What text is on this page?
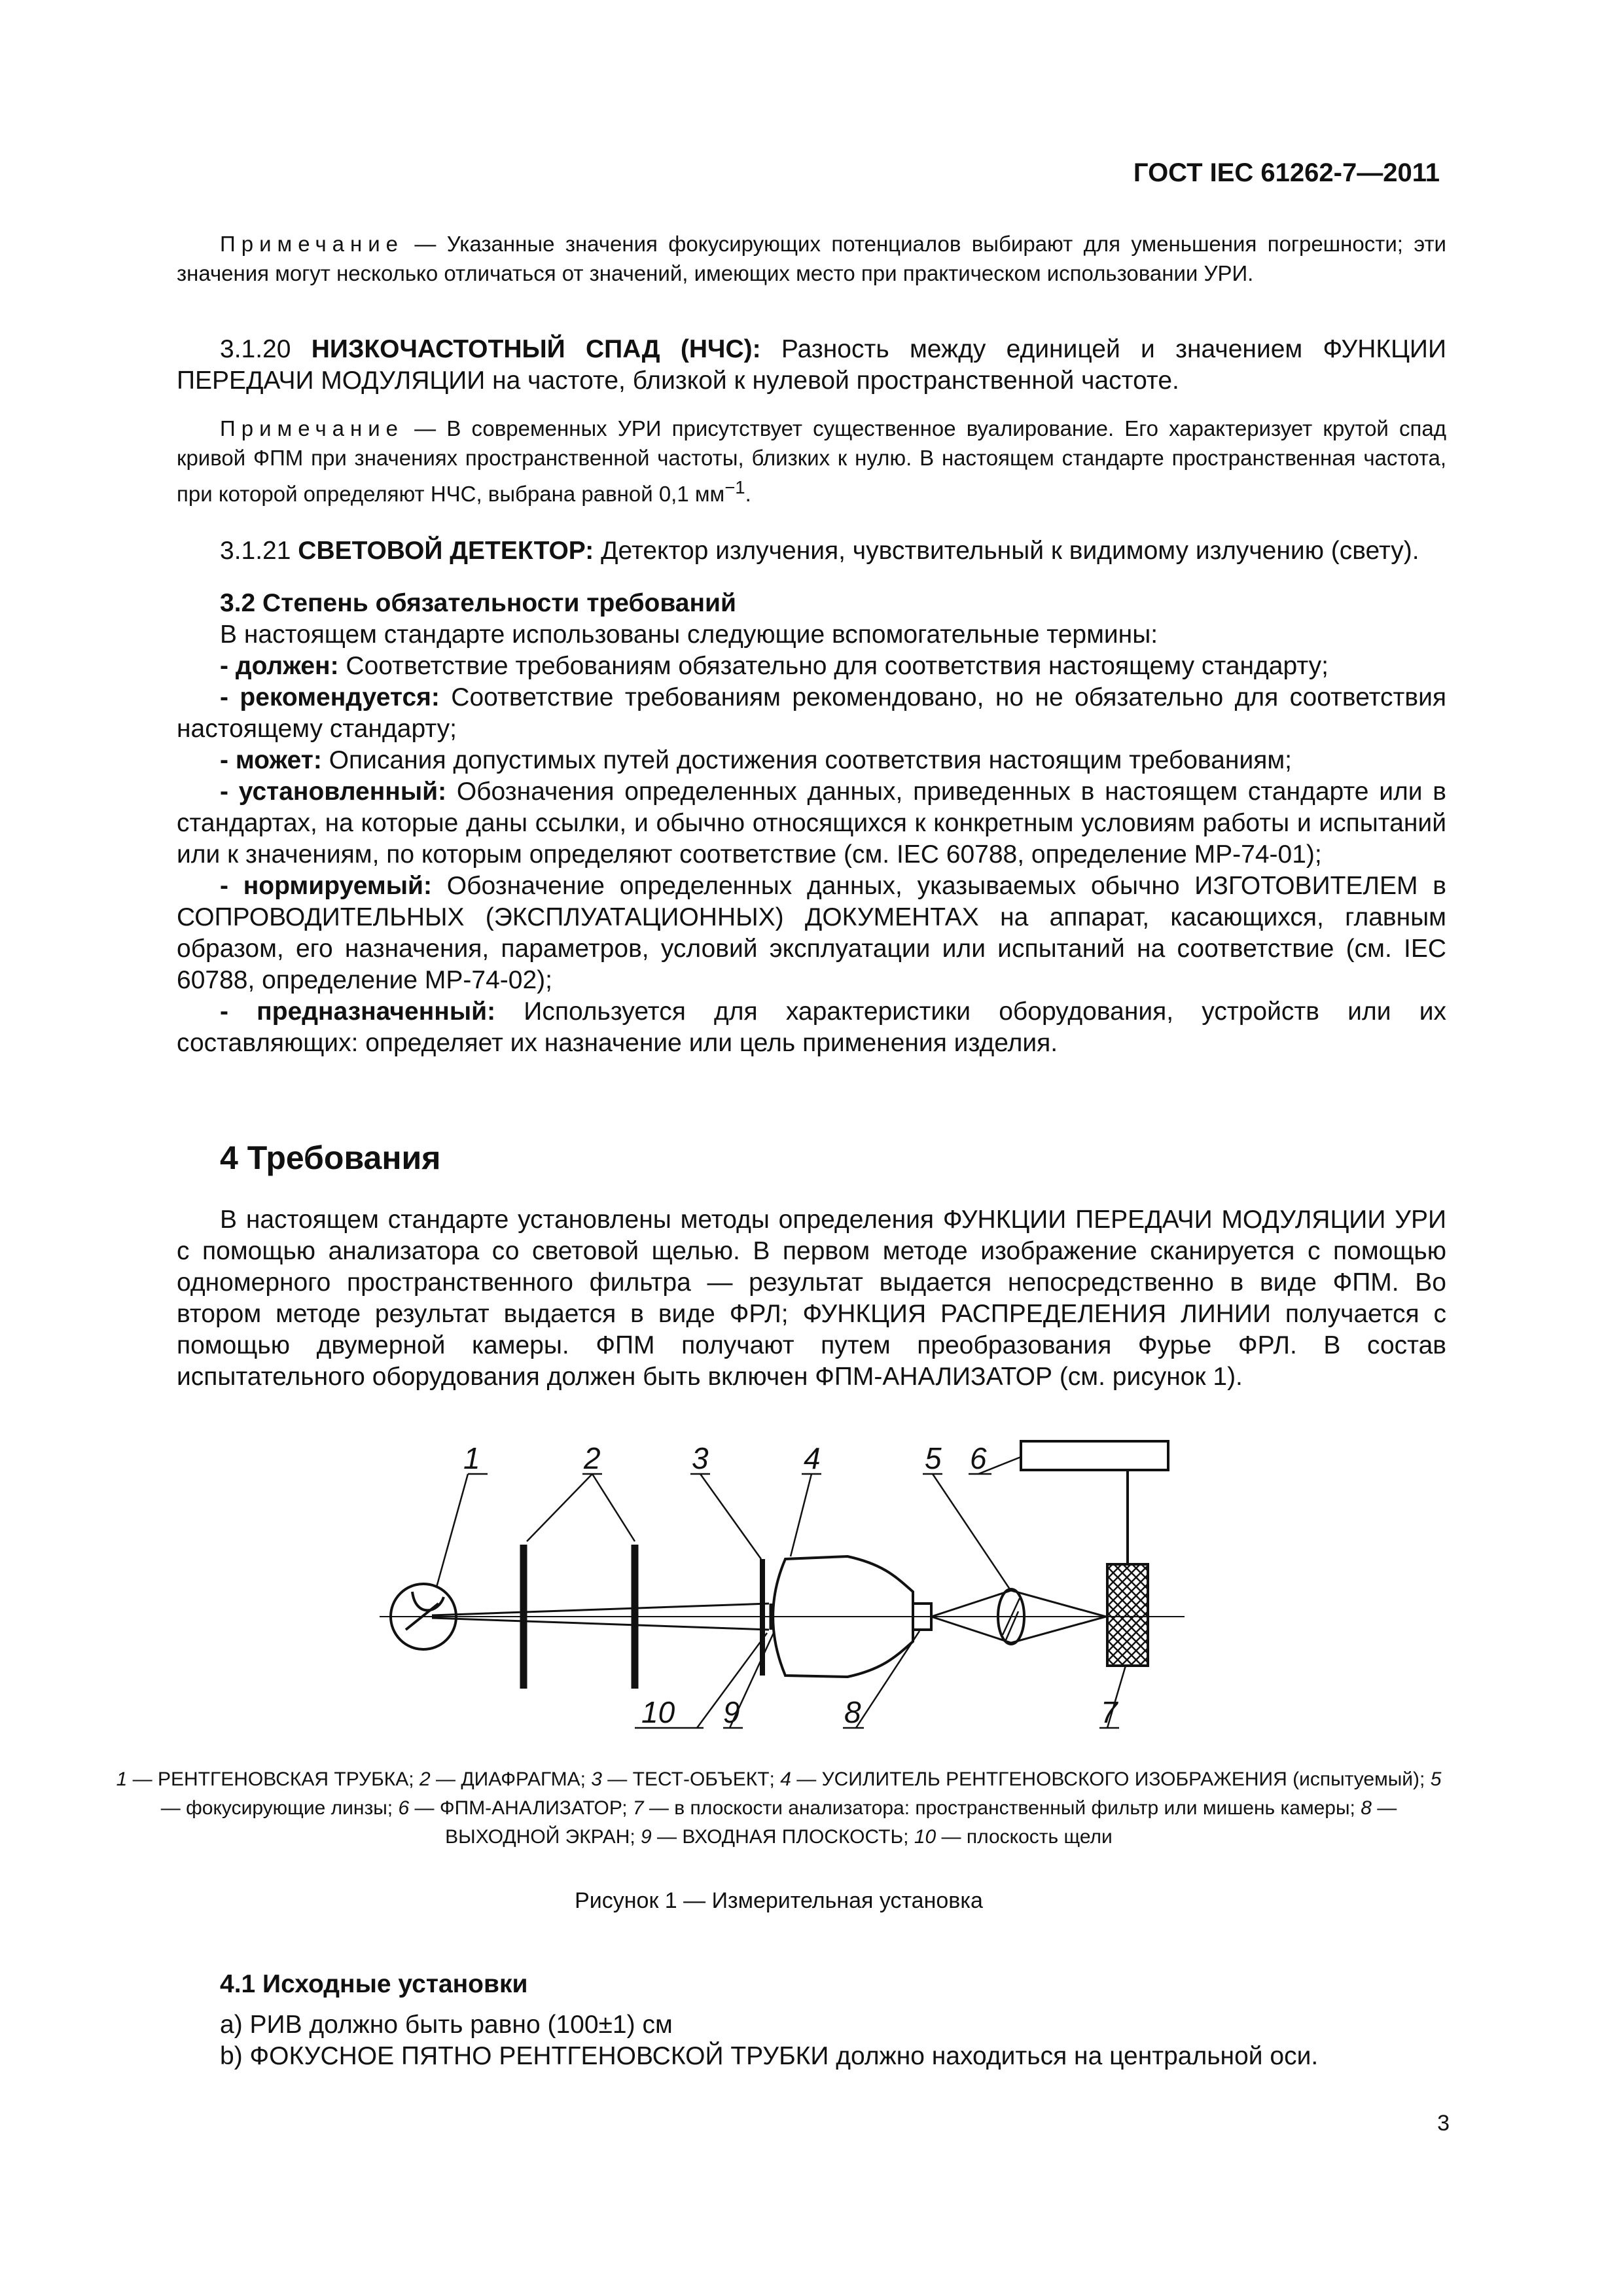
ГОСТ IEC 61262-7—2011

Примечание — Указанные значения фокусирующих потенциалов выбирают для уменьшения погрешности; эти значения могут несколько отличаться от значений, имеющих место при практическом использовании УРИ.

3.1.20 НИЗКОЧАСТОТНЫЙ СПАД (НЧС): Разность между единицей и значением ФУНКЦИИ ПЕРЕДАЧИ МОДУЛЯЦИИ на частоте, близкой к нулевой пространственной частоте.

Примечание — В современных УРИ присутствует существенное вуалирование. Его характеризует крутой спад кривой ФПМ при значениях пространственной частоты, близких к нулю. В настоящем стандарте пространственная частота, при которой определяют НЧС, выбрана равной 0,1 $мм^{-1}$.

3.1.21 СВЕТОВОЙ ДЕТЕКТОР: Детектор излучения, чувствительный к видимому излучению (свету).

3.2 Степень обязательности требований

В настоящем стандарте использованы следующие вспомогательные термины:

- должен: Соответствие требованиям обязательно для соответствия настоящему стандарту;

- рекомендуется: Соответствие требованиям рекомендовано, но не обязательно для соответствия настоящему стандарту;

- может: Описания допустимых путей достижения соответствия настоящим требованиям;

- установленный: Обозначения определенных данных, приведенных в настоящем стандарте или в стандартах, на которые даны ссылки, и обычно относящихся к конкретным условиям работы и испытаний или к значениям, по которым определяют соответствие (см. IEC 60788, определение МР-74-01);

- нормируемый: Обозначение определенных данных, указываемых обычно ИЗГОТОВИТЕЛЕМ в СОПРОВОДИТЕЛЬНЫХ (ЭКСПЛУАТАЦИОННЫХ) ДОКУМЕНТАХ на аппарат, касающихся, главным образом, его назначения, параметров, условий эксплуатации или испытаний на соответствие (см. IEC 60788, определение МР-74-02);

- предназначенный: Используется для характеристики оборудования, устройств или их составляющих: определяет их назначение или цель применения изделия.

4 Требования

В настоящем стандарте установлены методы определения ФУНКЦИИ ПЕРЕДАЧИ МОДУЛЯЦИИ УРИ с помощью анализатора со световой щелью. В первом методе изображение сканируется с помощью одномерного пространственного фильтра — результат выдается непосредственно в виде ФПМ. Во втором методе результат выдается в виде ФРЛ; ФУНКЦИЯ РАСПРЕДЕЛЕНИЯ ЛИНИИ получается с помощью двумерной камеры. ФПМ получают путем преобразования Фурье ФРЛ. В состав испытательного оборудования должен быть включен ФПМ-АНАЛИЗАТОР (см. рисунок 1).

1	2	3	4	5 6
7
8
9
10
1 — РЕНТГЕНОВСКАЯ ТРУБКА; 2 — ДИАФРАГМА; 3 — ТЕСТ-ОБЪЕКТ; 4 — УСИЛИТЕЛЬ РЕНТГЕНОВСКОГО ИЗОБРАЖЕНИЯ (испытуемый); 5 — фокусирующие линзы; 6 — ФПМ-АНАЛИЗАТОР; 7 — в плоскости анализатора: пространственный фильтр или мишень камеры; 8 — ВЫХОДНОЙ ЭКРАН; 9 — ВХОДНАЯ ПЛОСКОСТЬ; 10 — плоскость щели
Рисунок 1 — Измерительная установка

4.1 Исходные установки

а) РИВ должно быть равно (100±1) см

b) ФОКУСНОЕ ПЯТНО РЕНТГЕНОВСКОЙ ТРУБКИ должно находиться на центральной оси.

3
